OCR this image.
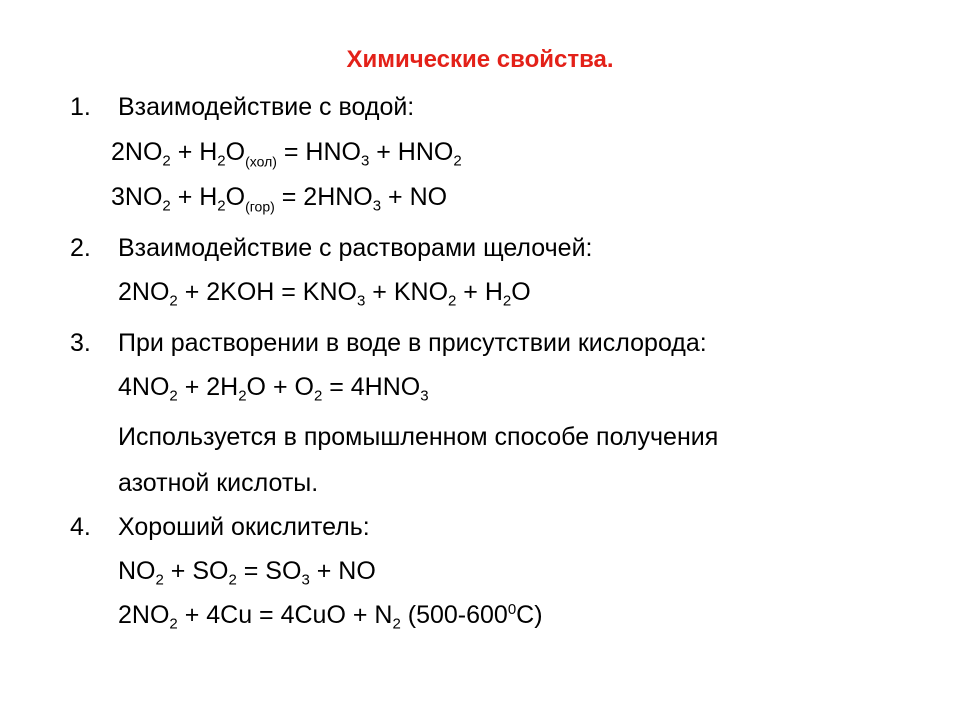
Химические свойства.
1. Взаимодействие с водой:
$2NO_2 + H_2O_{(хол)} = HNO_3 + HNO_2$
$3NO_2 + H_2O_{(гор)} = 2HNO_3$ + NO
2. Взаимодействие с растворами щелочей:
$2NO_2 + 2KOH = KNO_3 + KNO_2 + H_2O$
3. При растворении в воде в присутствии кислорода:
$4NO_2 + 2H_2O + O_2 = 4HNO_3$
Используется в промышленном способе получения
азотной кислоты.
4. Хороший окислитель:
$NO_2 + SO_2 = SO_3$ + NO
$2NO_2 + 4Cu = 4CuO + N_2$ $(500-600^0C)$
